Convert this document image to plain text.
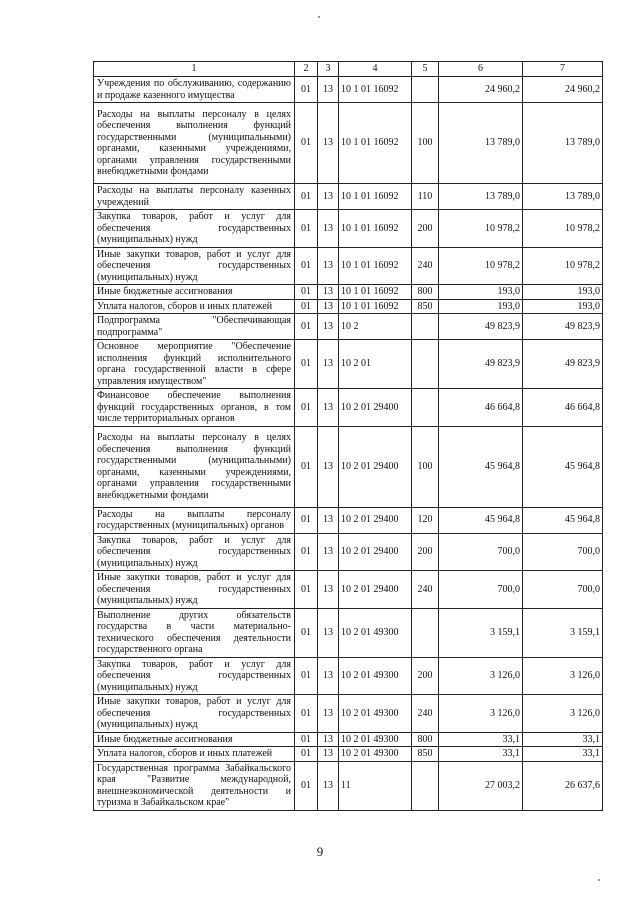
1	2	3	4	5	6	7
Учреждения по обслуживанию, содержанию и продаже казенного имущества	01	13	10 1 01 16092		24 960,2	24 960,2
Расходы на выплаты персоналу в целях обеспечения выполнения функций государственными (муниципальными) органами, казенными учреждениями, органами управления государственными внебюджетными фондами	01	13	10 1 01 16092	100	13 789,0	13 789,0
Расходы на выплаты персоналу казенных учреждений	01	13	10 1 01 16092	110	13 789,0	13 789,0
Закупка товаров, работ и услуг для обеспечения государственных (муниципальных) нужд	01	13	10 1 01 16092	200	10 978,2	10 978,2
Иные закупки товаров, работ и услуг для обеспечения государственных (муниципальных) нужд	01	13	10 1 01 16092	240	10 978,2	10 978,2
Иные бюджетные ассигнования	01	13	10 1 01 16092	800	193,0	193,0
Уплата налогов, сборов и иных платежей	01	13	10 1 01 16092	850	193,0	193,0
Подпрограмма "Обеспечивающая подпрограмма"	01	13	10 2		49 823,9	49 823,9
Основное мероприятие "Обеспечение исполнения функций исполнительного органа государственной власти в сфере управления имуществом"	01	13	10 2 01		49 823,9	49 823,9
Финансовое обеспечение выполнения функций государственных органов, в том числе территориальных органов	01	13	10 2 01 29400		46 664,8	46 664,8
Расходы на выплаты персоналу в целях обеспечения выполнения функций государственными (муниципальными) органами, казенными учреждениями, органами управления государственными внебюджетными фондами	01	13	10 2 01 29400	100	45 964,8	45 964,8
Расходы на выплаты персоналу государственных (муниципальных) органов	01	13	10 2 01 29400	120	45 964,8	45 964,8
Закупка товаров, работ и услуг для обеспечения государственных (муниципальных) нужд	01	13	10 2 01 29400	200	700,0	700,0
Иные закупки товаров, работ и услуг для обеспечения государственных (муниципальных) нужд	01	13	10 2 01 29400	240	700,0	700,0
Выполнение других обязательств государства в части материально-технического обеспечения деятельности государственного органа	01	13	10 2 01 49300		3 159,1	3 159,1
Закупка товаров, работ и услуг для обеспечения государственных (муниципальных) нужд	01	13	10 2 01 49300	200	3 126,0	3 126,0
Иные закупки товаров, работ и услуг для обеспечения государственных (муниципальных) нужд	01	13	10 2 01 49300	240	3 126,0	3 126,0
Иные бюджетные ассигнования	01	13	10 2 01 49300	800	33,1	33,1
Уплата налогов, сборов и иных платежей	01	13	10 2 01 49300	850	33,1	33,1
Государственная программа Забайкальского края "Развитие международной, внешнеэкономической деятельности и туризма в Забайкальском крае"	01	13	11		27 003,2	26 637,6
9
